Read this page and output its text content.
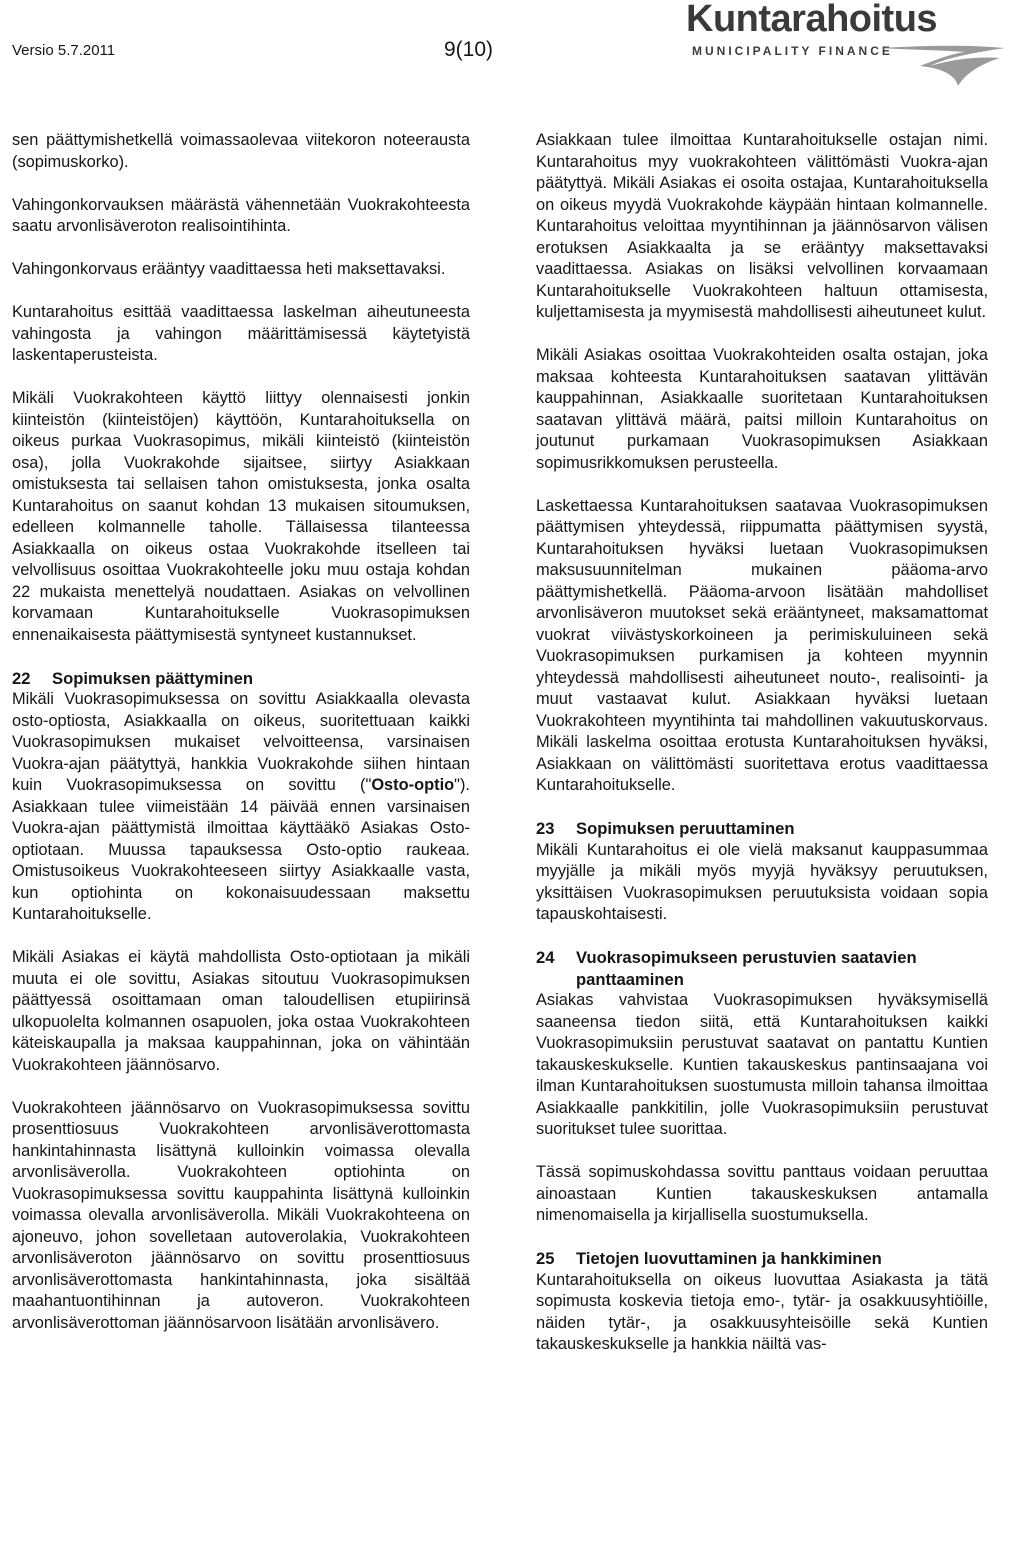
Versio 5.7.2011	9(10)
Kuntarahoitus
MUNICIPALITY FINANCE

sen päättymishetkellä voimassaolevaa viitekoron noteerausta (sopimuskorko).

Vahingonkorvauksen määrästä vähennetään Vuokrakohteesta saatu arvonlisäveroton realisointihinta.

Vahingonkorvaus erääntyy vaadittaessa heti maksettavaksi.

Kuntarahoitus esittää vaadittaessa laskelman aiheutuneesta vahingosta ja vahingon määrittämisessä käytetyistä laskentaperusteista.

Mikäli Vuokrakohteen käyttö liittyy olennaisesti jonkin kiinteistön (kiinteistöjen) käyttöön, Kuntarahoituksella on oikeus purkaa Vuokrasopimus, mikäli kiinteistö (kiinteistön osa), jolla Vuokrakohde sijaitsee, siirtyy Asiakkaan omistuksesta tai sellaisen tahon omistuksesta, jonka osalta Kuntarahoitus on saanut kohdan 13 mukaisen sitoumuksen, edelleen kolmannelle taholle. Tällaisessa tilanteessa Asiakkaalla on oikeus ostaa Vuokrakohde itselleen tai velvollisuus osoittaa Vuokrakohteelle joku muu ostaja kohdan 22 mukaista menettelyä noudattaen. Asiakas on velvollinen korvamaan Kuntarahoitukselle Vuokrasopimuksen ennenaikaisesta päättymisestä syntyneet kustannukset.

22 Sopimuksen päättyminen

Mikäli Vuokrasopimuksessa on sovittu Asiakkaalla olevasta osto-optiosta, Asiakkaalla on oikeus, suoritettuaan kaikki Vuokrasopimuksen mukaiset velvoitteensa, varsinaisen Vuokra-ajan päätyttyä, hankkia Vuokrakohde siihen hintaan kuin Vuokrasopimuksessa on sovittu ("Osto-optio"). Asiakkaan tulee viimeistään 14 päivää ennen varsinaisen Vuokra-ajan päättymistä ilmoittaa käyttääkö Asiakas Osto-optiotaan. Muussa tapauksessa Osto-optio raukeaa. Omistusoikeus Vuokrakohteeseen siirtyy Asiakkaalle vasta, kun optiohinta on kokonaisuudessaan maksettu Kuntarahoitukselle.

Mikäli Asiakas ei käytä mahdollista Osto-optiotaan ja mikäli muuta ei ole sovittu, Asiakas sitoutuu Vuokrasopimuksen päättyessä osoittamaan oman taloudellisen etupiirinsä ulkopuolelta kolmannen osapuolen, joka ostaa Vuokrakohteen käteiskaupalla ja maksaa kauppahinnan, joka on vähintään Vuokrakohteen jäännösarvo.

Vuokrakohteen jäännösarvo on Vuokrasopimuksessa sovittu prosenttiosuus Vuokrakohteen arvonlisäverottomasta hankintahinnasta lisättynä kulloinkin voimassa olevalla arvonlisäverolla. Vuokrakohteen optiohinta on Vuokrasopimuksessa sovittu kauppahinta lisättynä kulloinkin voimassa olevalla arvonlisäverolla. Mikäli Vuokrakohteena on ajoneuvo, johon sovelletaan autoverolakia, Vuokrakohteen arvonlisäveroton jäännösarvo on sovittu prosenttiosuus arvonlisäverottomasta hankintahinnasta, joka sisältää maahantuontihinnan ja autoveron. Vuokrakohteen arvonlisäverottoman jäännösarvoon lisätään arvonlisävero.

Asiakkaan tulee ilmoittaa Kuntarahoitukselle ostajan nimi. Kuntarahoitus myy vuokrakohteen välittömästi Vuokra-ajan päätyttyä. Mikäli Asiakas ei osoita ostajaa, Kuntarahoituksella on oikeus myydä Vuokrakohde käypään hintaan kolmannelle. Kuntarahoitus veloittaa myyntihinnan ja jäännösarvon välisen erotuksen Asiakkaalta ja se erääntyy maksettavaksi vaadittaessa. Asiakas on lisäksi velvollinen korvaamaan Kuntarahoitukselle Vuokrakohteen haltuun ottamisesta, kuljettamisesta ja myymisestä mahdollisesti aiheutuneet kulut.

Mikäli Asiakas osoittaa Vuokrakohteiden osalta ostajan, joka maksaa kohteesta Kuntarahoituksen saatavan ylittävän kauppahinnan, Asiakkaalle suoritetaan Kuntarahoituksen saatavan ylittävä määrä, paitsi milloin Kuntarahoitus on joutunut purkamaan Vuokrasopimuksen Asiakkaan sopimusrikkomuksen perusteella.

Laskettaessa Kuntarahoituksen saatavaa Vuokrasopimuksen päättymisen yhteydessä, riippumatta päättymisen syystä, Kuntarahoituksen hyväksi luetaan Vuokrasopimuksen maksusuunnitelman mukainen pääoma-arvo päättymishetkellä. Pääoma-arvoon lisätään mahdolliset arvonlisäveron muutokset sekä erääntyneet, maksamattomat vuokrat viivästyskorkoineen ja perimiskuluineen sekä Vuokrasopimuksen purkamisen ja kohteen myynnin yhteydessä mahdollisesti aiheutuneet nouto-, realisointi- ja muut vastaavat kulut. Asiakkaan hyväksi luetaan Vuokrakohteen myyntihinta tai mahdollinen vakuutuskorvaus. Mikäli laskelma osoittaa erotusta Kuntarahoituksen hyväksi, Asiakkaan on välittömästi suoritettava erotus vaadittaessa Kuntarahoitukselle.

23 Sopimuksen peruuttaminen

Mikäli Kuntarahoitus ei ole vielä maksanut kauppasummaa myyjälle ja mikäli myös myyjä hyväksyy peruutuksen, yksittäisen Vuokrasopimuksen peruutuksista voidaan sopia tapauskohtaisesti.

24	Vuokrasopimukseen perustuvien saatavien
panttaaminen

Asiakas vahvistaa Vuokrasopimuksen hyväksymisellä saaneensa tiedon siitä, että Kuntarahoituksen kaikki Vuokrasopimuksiin perustuvat saatavat on pantattu Kuntien takauskeskukselle. Kuntien takauskeskus pantinsaajana voi ilman Kuntarahoituksen suostumusta milloin tahansa ilmoittaa Asiakkaalle pankkitilin, jolle Vuokrasopimuksiin perustuvat suoritukset tulee suorittaa.

Tässä sopimuskohdassa sovittu panttaus voidaan peruuttaa ainoastaan Kuntien takauskeskuksen antamalla nimenomaisella ja kirjallisella suostumuksella.

25 Tietojen luovuttaminen ja hankkiminen

Kuntarahoituksella on oikeus luovuttaa Asiakasta ja tätä sopimusta koskevia tietoja emo-, tytär- ja osakkuusyhtiöille, näiden tytär-, ja osakkuusyhteisöille sekä Kuntien takauskeskukselle ja hankkia näiltä vas-
